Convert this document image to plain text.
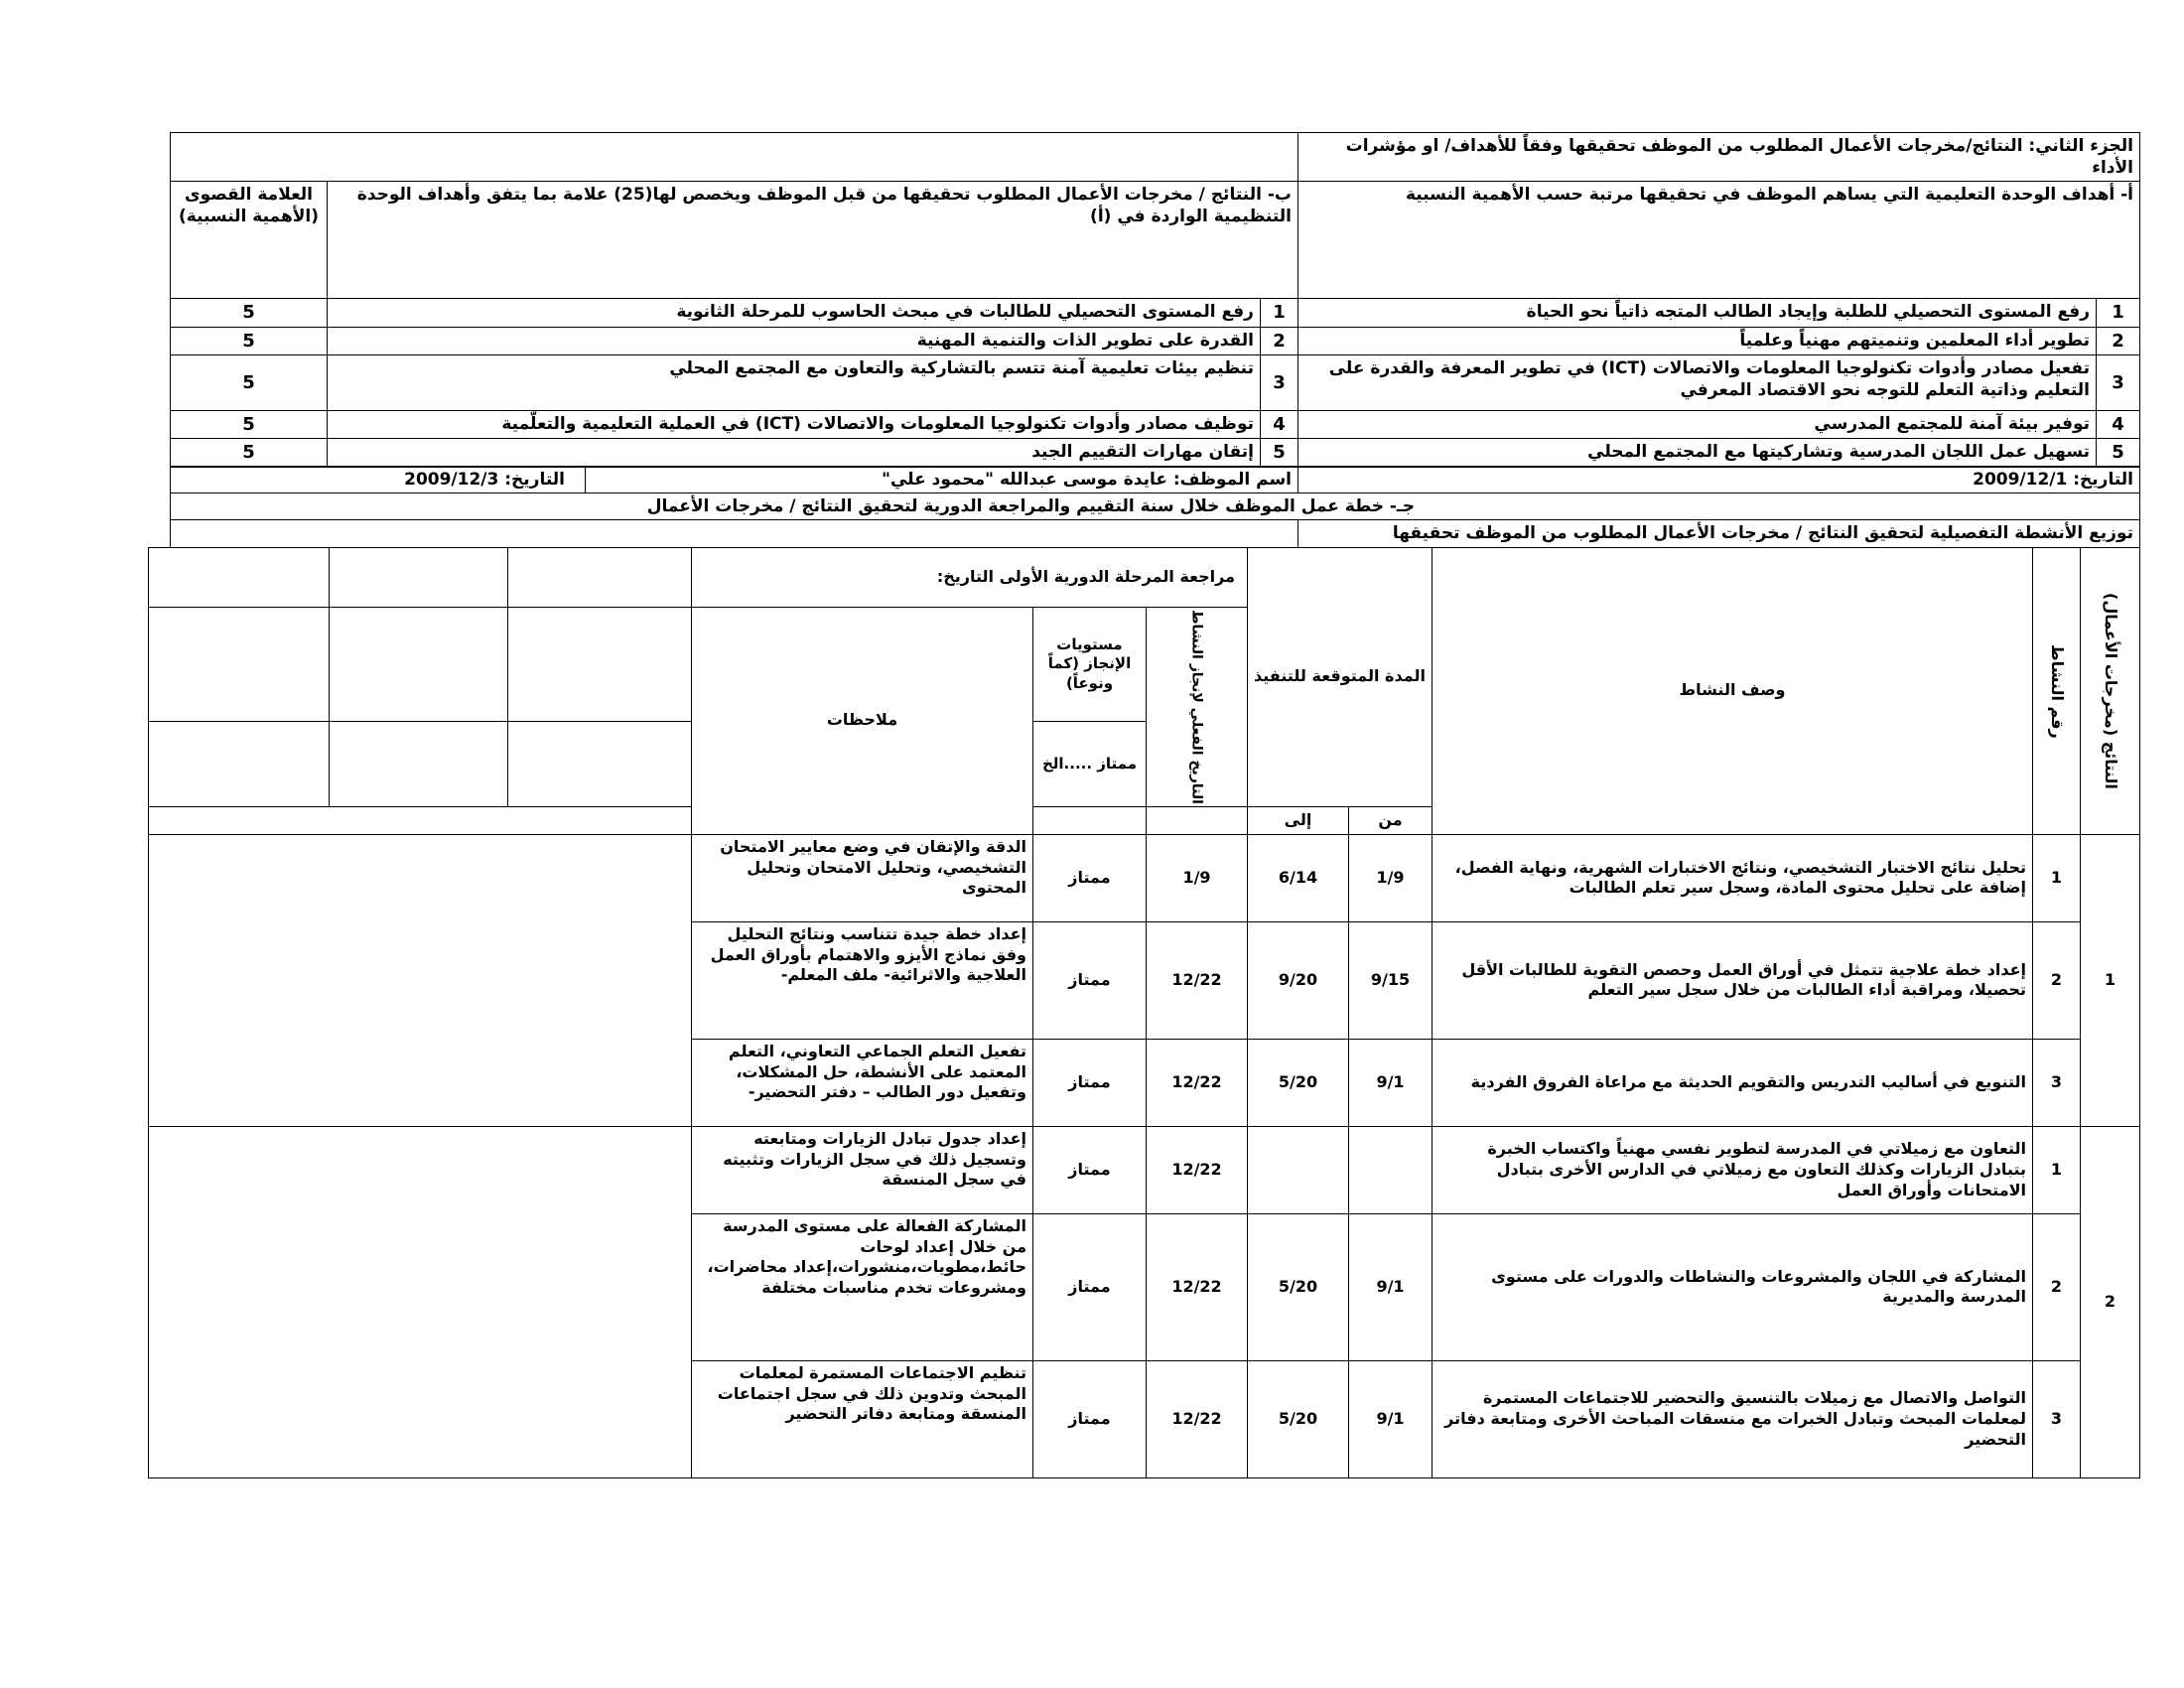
الجزء الثاني: النتائج/مخرجات الأعمال المطلوب من الموظف تحقيقها وفقاً للأهداف/ او مؤشرات الأداء				
أ- أهداف الوحدة التعليمية التي يساهم الموظف في تحقيقها مرتبة حسب الأهمية النسبية		ب- النتائج / مخرجات الأعمال المطلوب تحقيقها من قبل الموظف ويخصص لها(25) علامة بما يتفق وأهداف الوحدة التنظيمية الواردة في (أ)		العلامة القصوى (الأهمية النسبية)
1	رفع المستوى التحصيلي للطلبة وإيجاد الطالب المتجه ذاتياً نحو الحياة	1	رفع المستوى التحصيلي للطالبات في مبحث الحاسوب للمرحلة الثانوية	5
2	تطوير أداء المعلمين وتنميتهم مهنياً وعلمياً	2	القدرة على تطوير الذات والتنمية المهنية	5
3	تفعيل مصادر وأدوات تكنولوجيا المعلومات والاتصالات (ICT) في تطوير المعرفة والقدرة على التعليم وذاتية التعلم للتوجه نحو الاقتصاد المعرفي	3	تنظيم بيئات تعليمية آمنة تتسم بالتشاركية والتعاون مع المجتمع المحلي	5
4	توفير بيئة آمنة للمجتمع المدرسي	4	توظيف مصادر وأدوات تكنولوجيا المعلومات والاتصالات (ICT) في العملية التعليمية والتعلّمية	5
5	تسهيل عمل اللجان المدرسية وتشاركيتها مع المجتمع المحلي	5	إتقان مهارات التقييم الجيد	5
التاريخ: 2009/12/1	اسم الموظف: عايدة موسى عبدالله "محمود علي"	التاريخ: 2009/12/3
جـ- خطة عمل الموظف خلال سنة التقييم والمراجعة الدورية لتحقيق النتائج / مخرجات الأعمال		
توزيع الأنشطة التفصيلية لتحقيق النتائج / مخرجات الأعمال المطلوب من الموظف تحقيقها		
النتائج (مخرجات الأعمال)	رقم النشاط	وصف النشاط	المدة المتوقعة للتنفيذ		مراجعة المرحلة الدورية الأولى التاريخ:					

					التاريخ الفعلي لإنجاز النشاط	مستويات الإنجاز (كماً ونوعاً)	ملاحظات			
						ممتاز .....الخ				
			من	إلى						
1	1	تحليل نتائج الاختبار التشخيصي، ونتائج الاختبارات الشهرية، ونهاية الفصل، إضافة على تحليل محتوى المادة، وسجل سير تعلم الطالبات	1/9	6/14	1/9	ممتاز	الدقة والإتقان في وضع معايير الامتحان التشخيصي، وتحليل الامتحان وتحليل المحتوى			
	2	إعداد خطة علاجية تتمثل في أوراق العمل وحصص التقوية للطالبات الأقل تحصيلا، ومراقبة أداء الطالبات من خلال سجل سير التعلم	9/15	9/20	12/22	ممتاز	إعداد خطة جيدة تتناسب ونتائج التحليل وفق نماذج الأيزو والاهتمام بأوراق العمل العلاجية والاثرائية- ملف المعلم-			
	3	التنويع في أساليب التدريس والتقويم الحديثة مع مراعاة الفروق الفردية	9/1	5/20	12/22	ممتاز	تفعيل التعلم الجماعي التعاوني، التعلم المعتمد على الأنشطة، حل المشكلات، وتفعيل دور الطالب – دفتر التحضير-			
2	1	التعاون مع زميلاتي في المدرسة لتطوير نفسي مهنياً واكتساب الخبرة بتبادل الزيارات وكذلك التعاون مع زميلاتي في الدارس الأخرى بتبادل الامتحانات وأوراق العمل			12/22	ممتاز	إعداد جدول تبادل الزيارات ومتابعته وتسجيل ذلك في سجل الزيارات وتثبيته في سجل المنسقة			
	2	المشاركة في اللجان والمشروعات والنشاطات والدورات على مستوى المدرسة والمديرية	9/1	5/20	12/22	ممتاز	المشاركة الفعالة على مستوى المدرسة من خلال إعداد لوحات حائط،مطويات،منشورات،إعداد محاضرات، ومشروعات تخدم مناسبات مختلفة			
	3	التواصل والاتصال مع زميلات بالتنسيق والتحضير للاجتماعات المستمرة لمعلمات المبحث وتبادل الخبرات مع منسقات المباحث الأخرى ومتابعة دفاتر التحضير	9/1	5/20	12/22	ممتاز	تنظيم الاجتماعات المستمرة لمعلمات المبحث وتدوين ذلك في سجل اجتماعات المنسقة ومتابعة دفاتر التحضير			
